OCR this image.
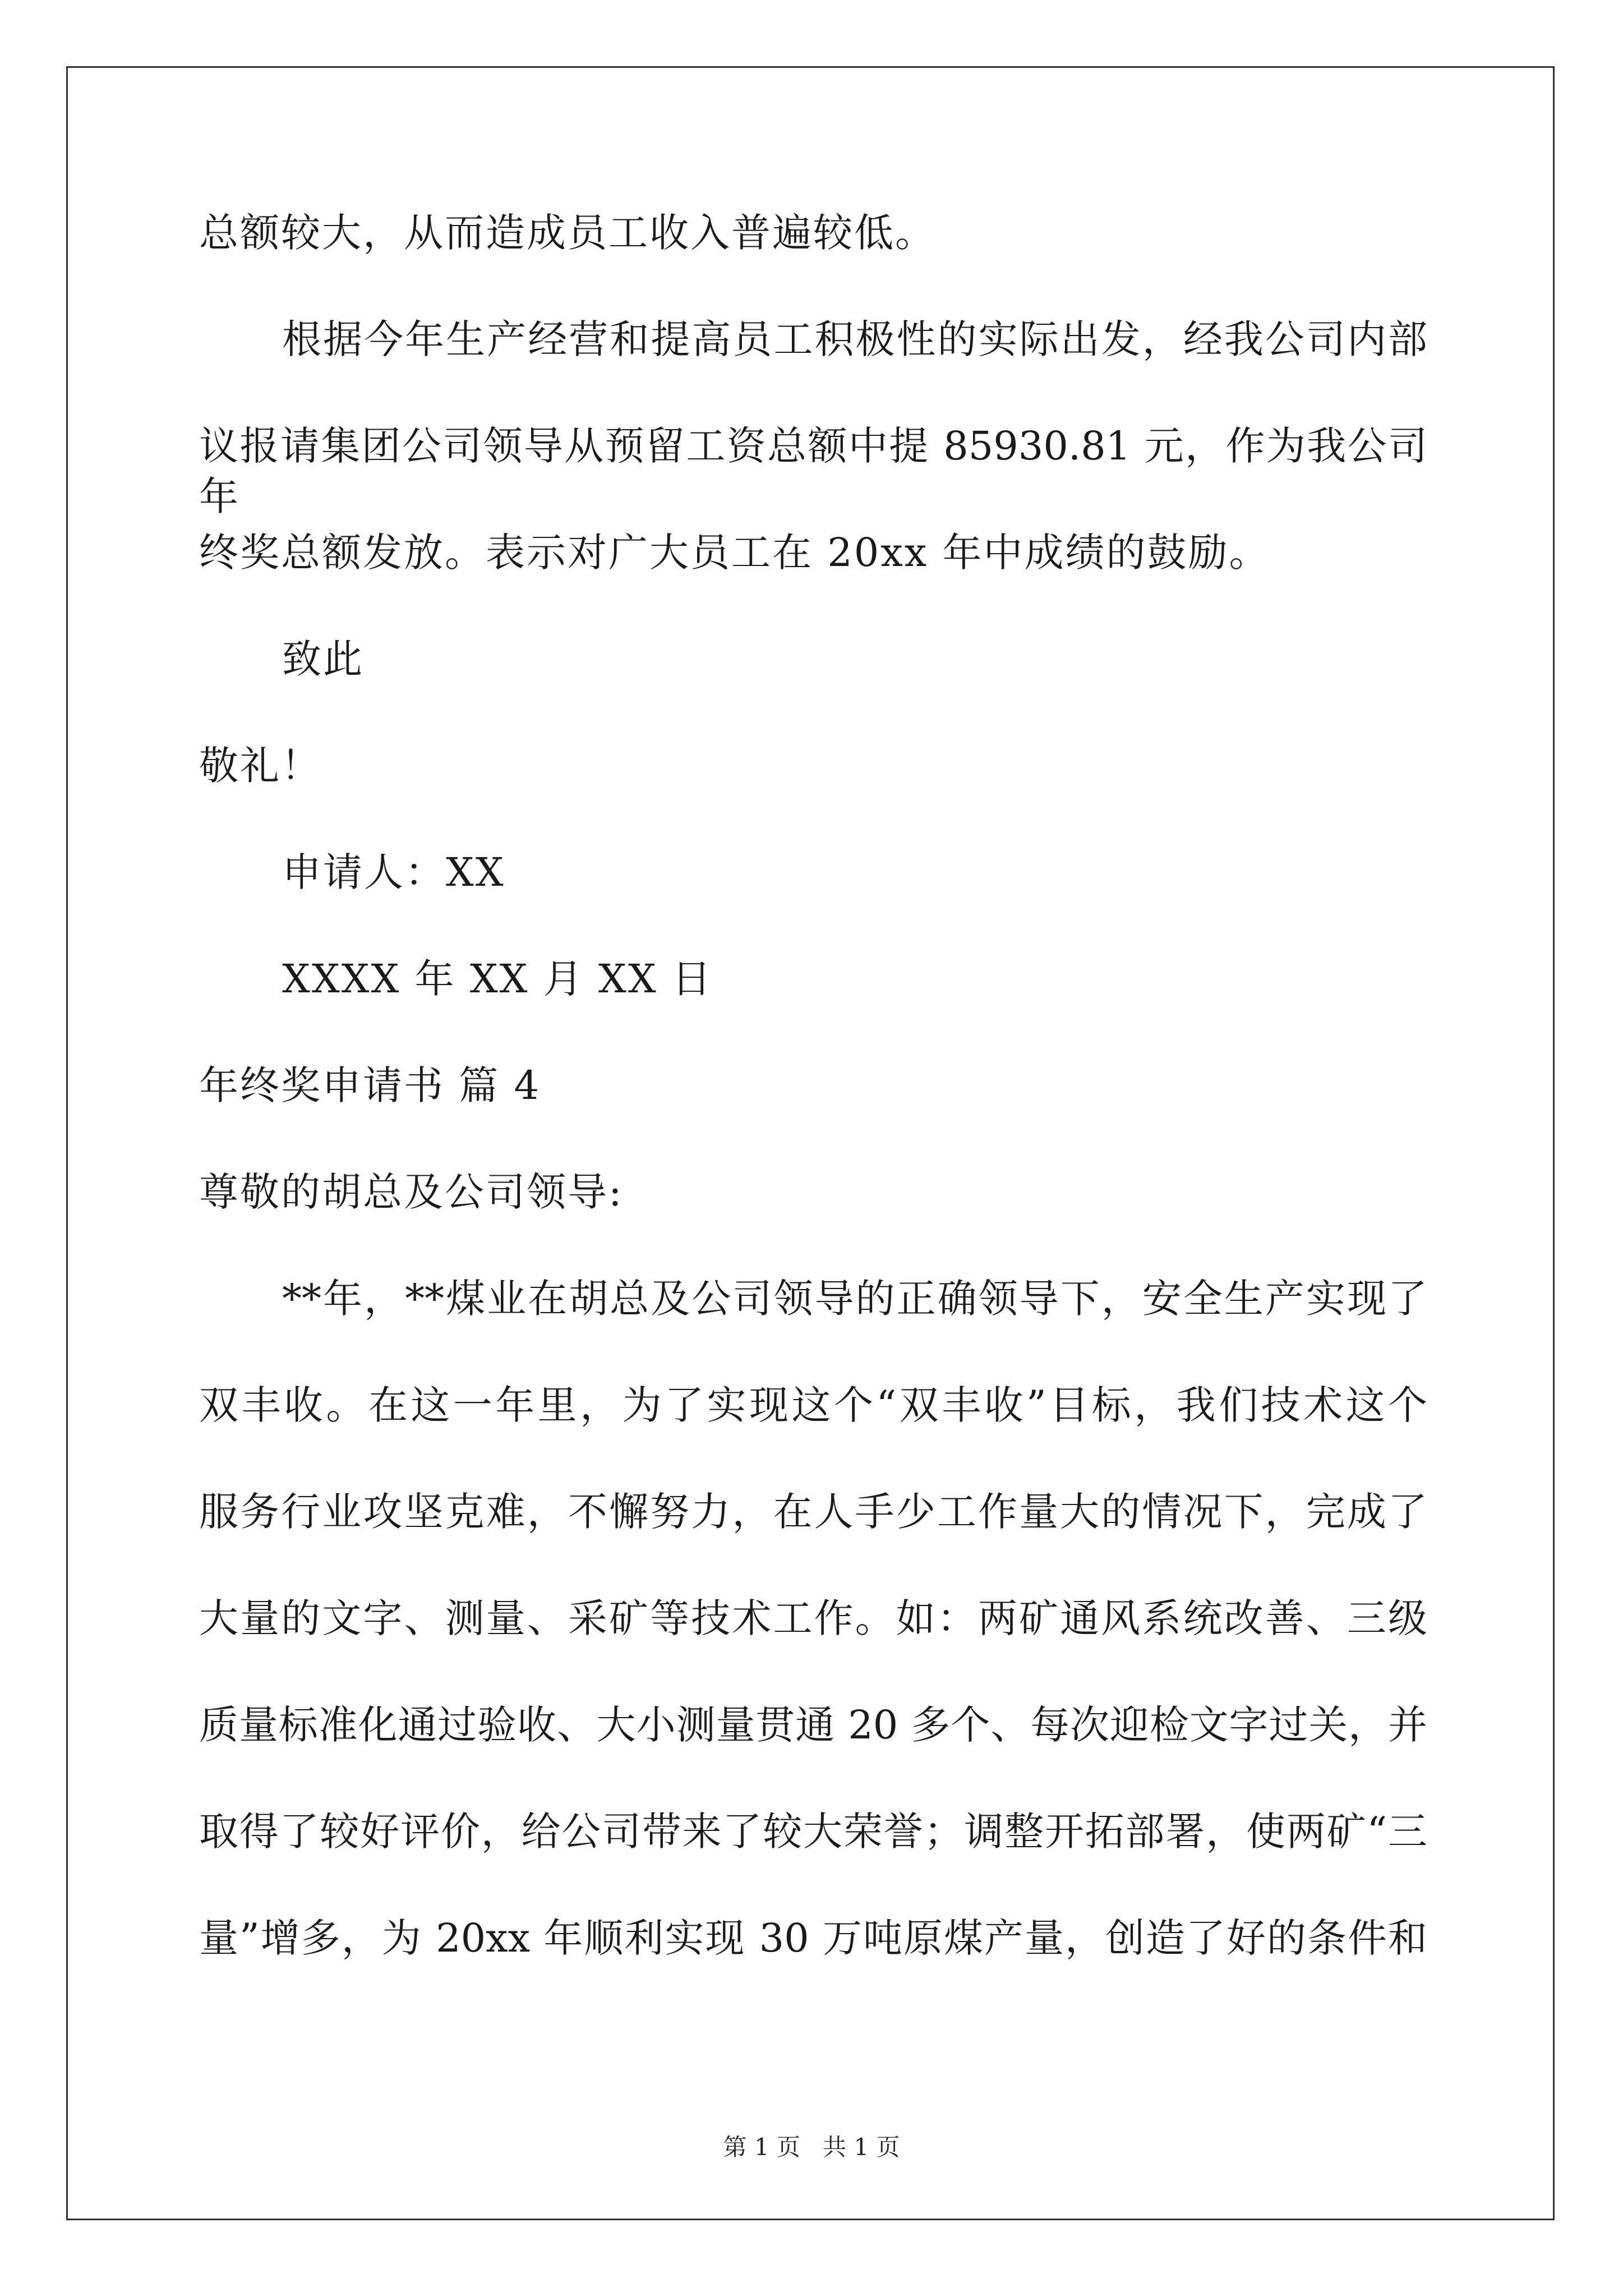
总额较大，从而造成员工收入普遍较低。
根据今年生产经营和提高员工积极性的实际出发，经我公司内部
议报请集团公司领导从预留工资总额中提 85930.81 元，作为我公司年
终奖总额发放。表示对广大员工在 20xx 年中成绩的鼓励。
致此
敬礼！
申请人：XX
XXXX 年 XX 月 XX 日
年终奖申请书 篇 4
尊敬的胡总及公司领导:
**年，**煤业在胡总及公司领导的正确领导下，安全生产实现了
双丰收。在这一年里，为了实现这个“双丰收”目标，我们技术这个
服务行业攻坚克难，不懈努力，在人手少工作量大的情况下，完成了
大量的文字、测量、采矿等技术工作。如：两矿通风系统改善、三级
质量标准化通过验收、大小测量贯通 20 多个、每次迎检文字过关，并
取得了较好评价，给公司带来了较大荣誉；调整开拓部署，使两矿“三
量”增多，为 20xx 年顺利实现 30 万吨原煤产量，创造了好的条件和
第 1 页   共 1 页
